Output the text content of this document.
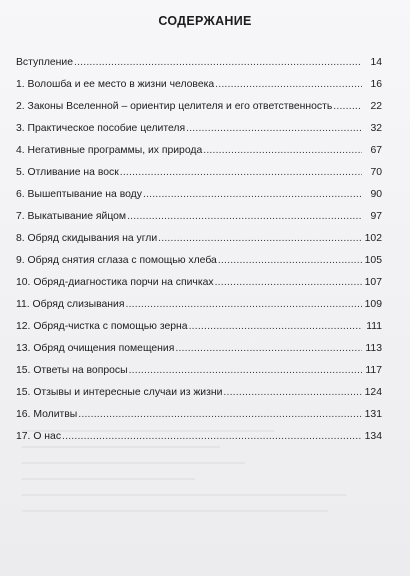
СОДЕРЖАНИЕ
Вступление .....	14
1. Волошба и ее место в жизни человека .....	16
2. Законы Вселенной – ориентир целителя и его ответственность .....	22
3. Практическое пособие целителя .....	32
4. Негативные программы, их природа .....	67
5. Отливание на воск .....	70
6. Вышептывание на воду .....	90
7. Выкатывание яйцом .....	97
8. Обряд скидывания на угли .....	102
9. Обряд снятия сглаза с помощью хлеба .....	105
10. Обряд-диагностика порчи на спичках .....	107
11. Обряд слизывания .....	109
12. Обряд-чистка с помощью зерна .....	111
13. Обряд очищения помещения .....	113
15. Ответы на вопросы .....	117
15. Отзывы и интересные случаи из жизни .....	124
16. Молитвы .....	131
17. О нас .....	134
